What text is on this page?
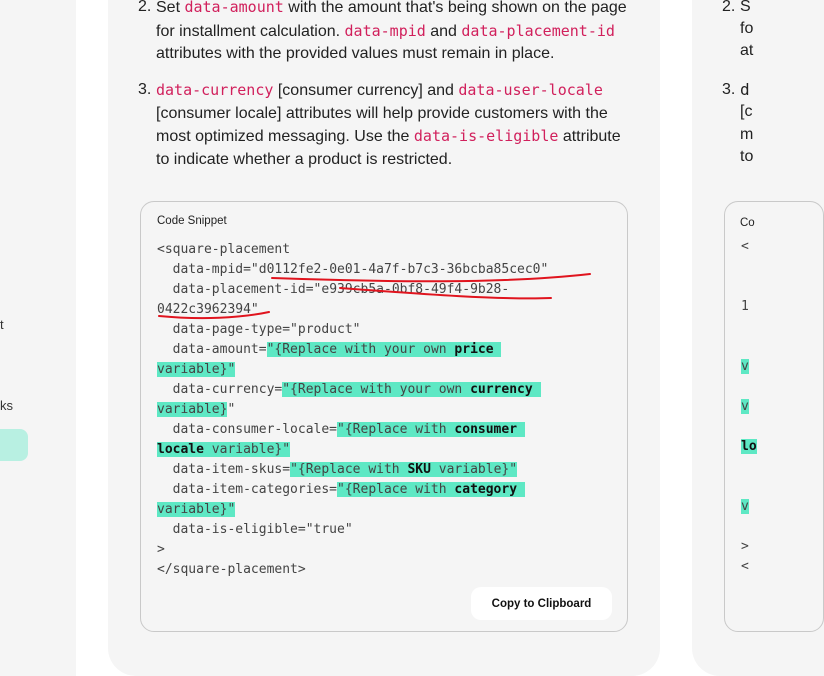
t
ks
2. Set data-amount with the amount that's being shown on the page for installment calculation. data-mpid and data-placement-id attributes with the provided values must remain in place.
3. data-currency [consumer currency] and data-user-locale [consumer locale] attributes will help provide customers with the most optimized messaging. Use the data-is-eligible attribute to indicate whether a product is restricted.
Code Snippet
<square-placement
data-mpid="d0112fe2-0e01-4a7f-b7c3-36bcba85cec0"
data-placement-id="e939cb5a-0bf8-49f4-9b28-
0422c3962394"
data-page-type="product"
data-amount="{Replace with your own price
variable}"
data-currency="{Replace with your own currency
variable}"
data-consumer-locale="{Replace with consumer
locale variable}"
data-item-skus="{Replace with SKU variable}"
data-item-categories="{Replace with category
variable}"
data-is-eligible="true"
>
</square-placement>
Copy to Clipboard
2. S
fo
at
3. d
[c
m
to
Co
<
1
v
v
lo
v
>
<
